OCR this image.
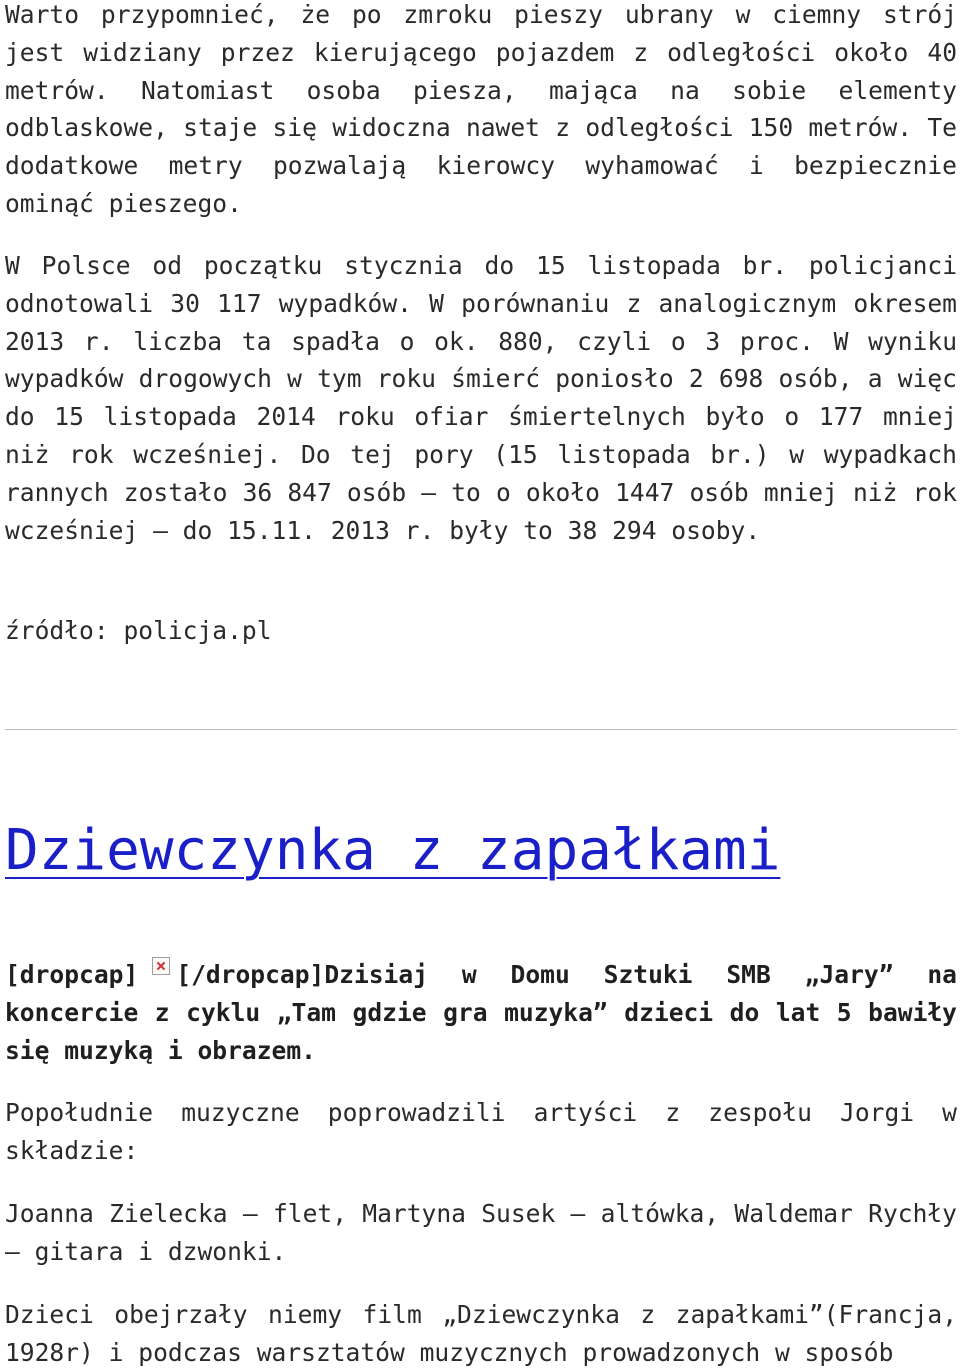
Warto przypomnieć, że po zmroku pieszy ubrany w ciemny strój jest widziany przez kierującego pojazdem z odległości około 40 metrów. Natomiast osoba piesza, mająca na sobie elementy odblaskowe, staje się widoczna nawet z odległości 150 metrów. Te dodatkowe metry pozwalają kierowcy wyhamować i bezpiecznie ominąć pieszego.

W Polsce od początku stycznia do 15 listopada br. policjanci odnotowali 30 117 wypadków. W porównaniu z analogicznym okresem 2013 r. liczba ta spadła o ok. 880, czyli o 3 proc. W wyniku wypadków drogowych w tym roku śmierć poniosło 2 698 osób, a więc do 15 listopada 2014 roku ofiar śmiertelnych było o 177 mniej niż rok wcześniej. Do tej pory (15 listopada br.) w wypadkach rannych zostało 36 847 osób – to o około 1447 osób mniej niż rok wcześniej – do 15.11. 2013 r. były to 38 294 osoby.

źródło: policja.pl

Dziewczynka z zapałkami

[dropcap] [/dropcap]Dzisiaj w Domu Sztuki SMB „Jary” na koncercie z cyklu „Tam gdzie gra muzyka” dzieci do lat 5 bawiły się muzyką i obrazem.

Popołudnie muzyczne poprowadzili artyści z zespołu Jorgi w składzie:

Joanna Zielecka – flet, Martyna Susek – altówka, Waldemar Rychły – gitara i dzwonki.

Dzieci obejrzały niemy film „Dziewczynka z zapałkami”(Francja, 1928r) i podczas warsztatów muzycznych prowadzonych w sposób
